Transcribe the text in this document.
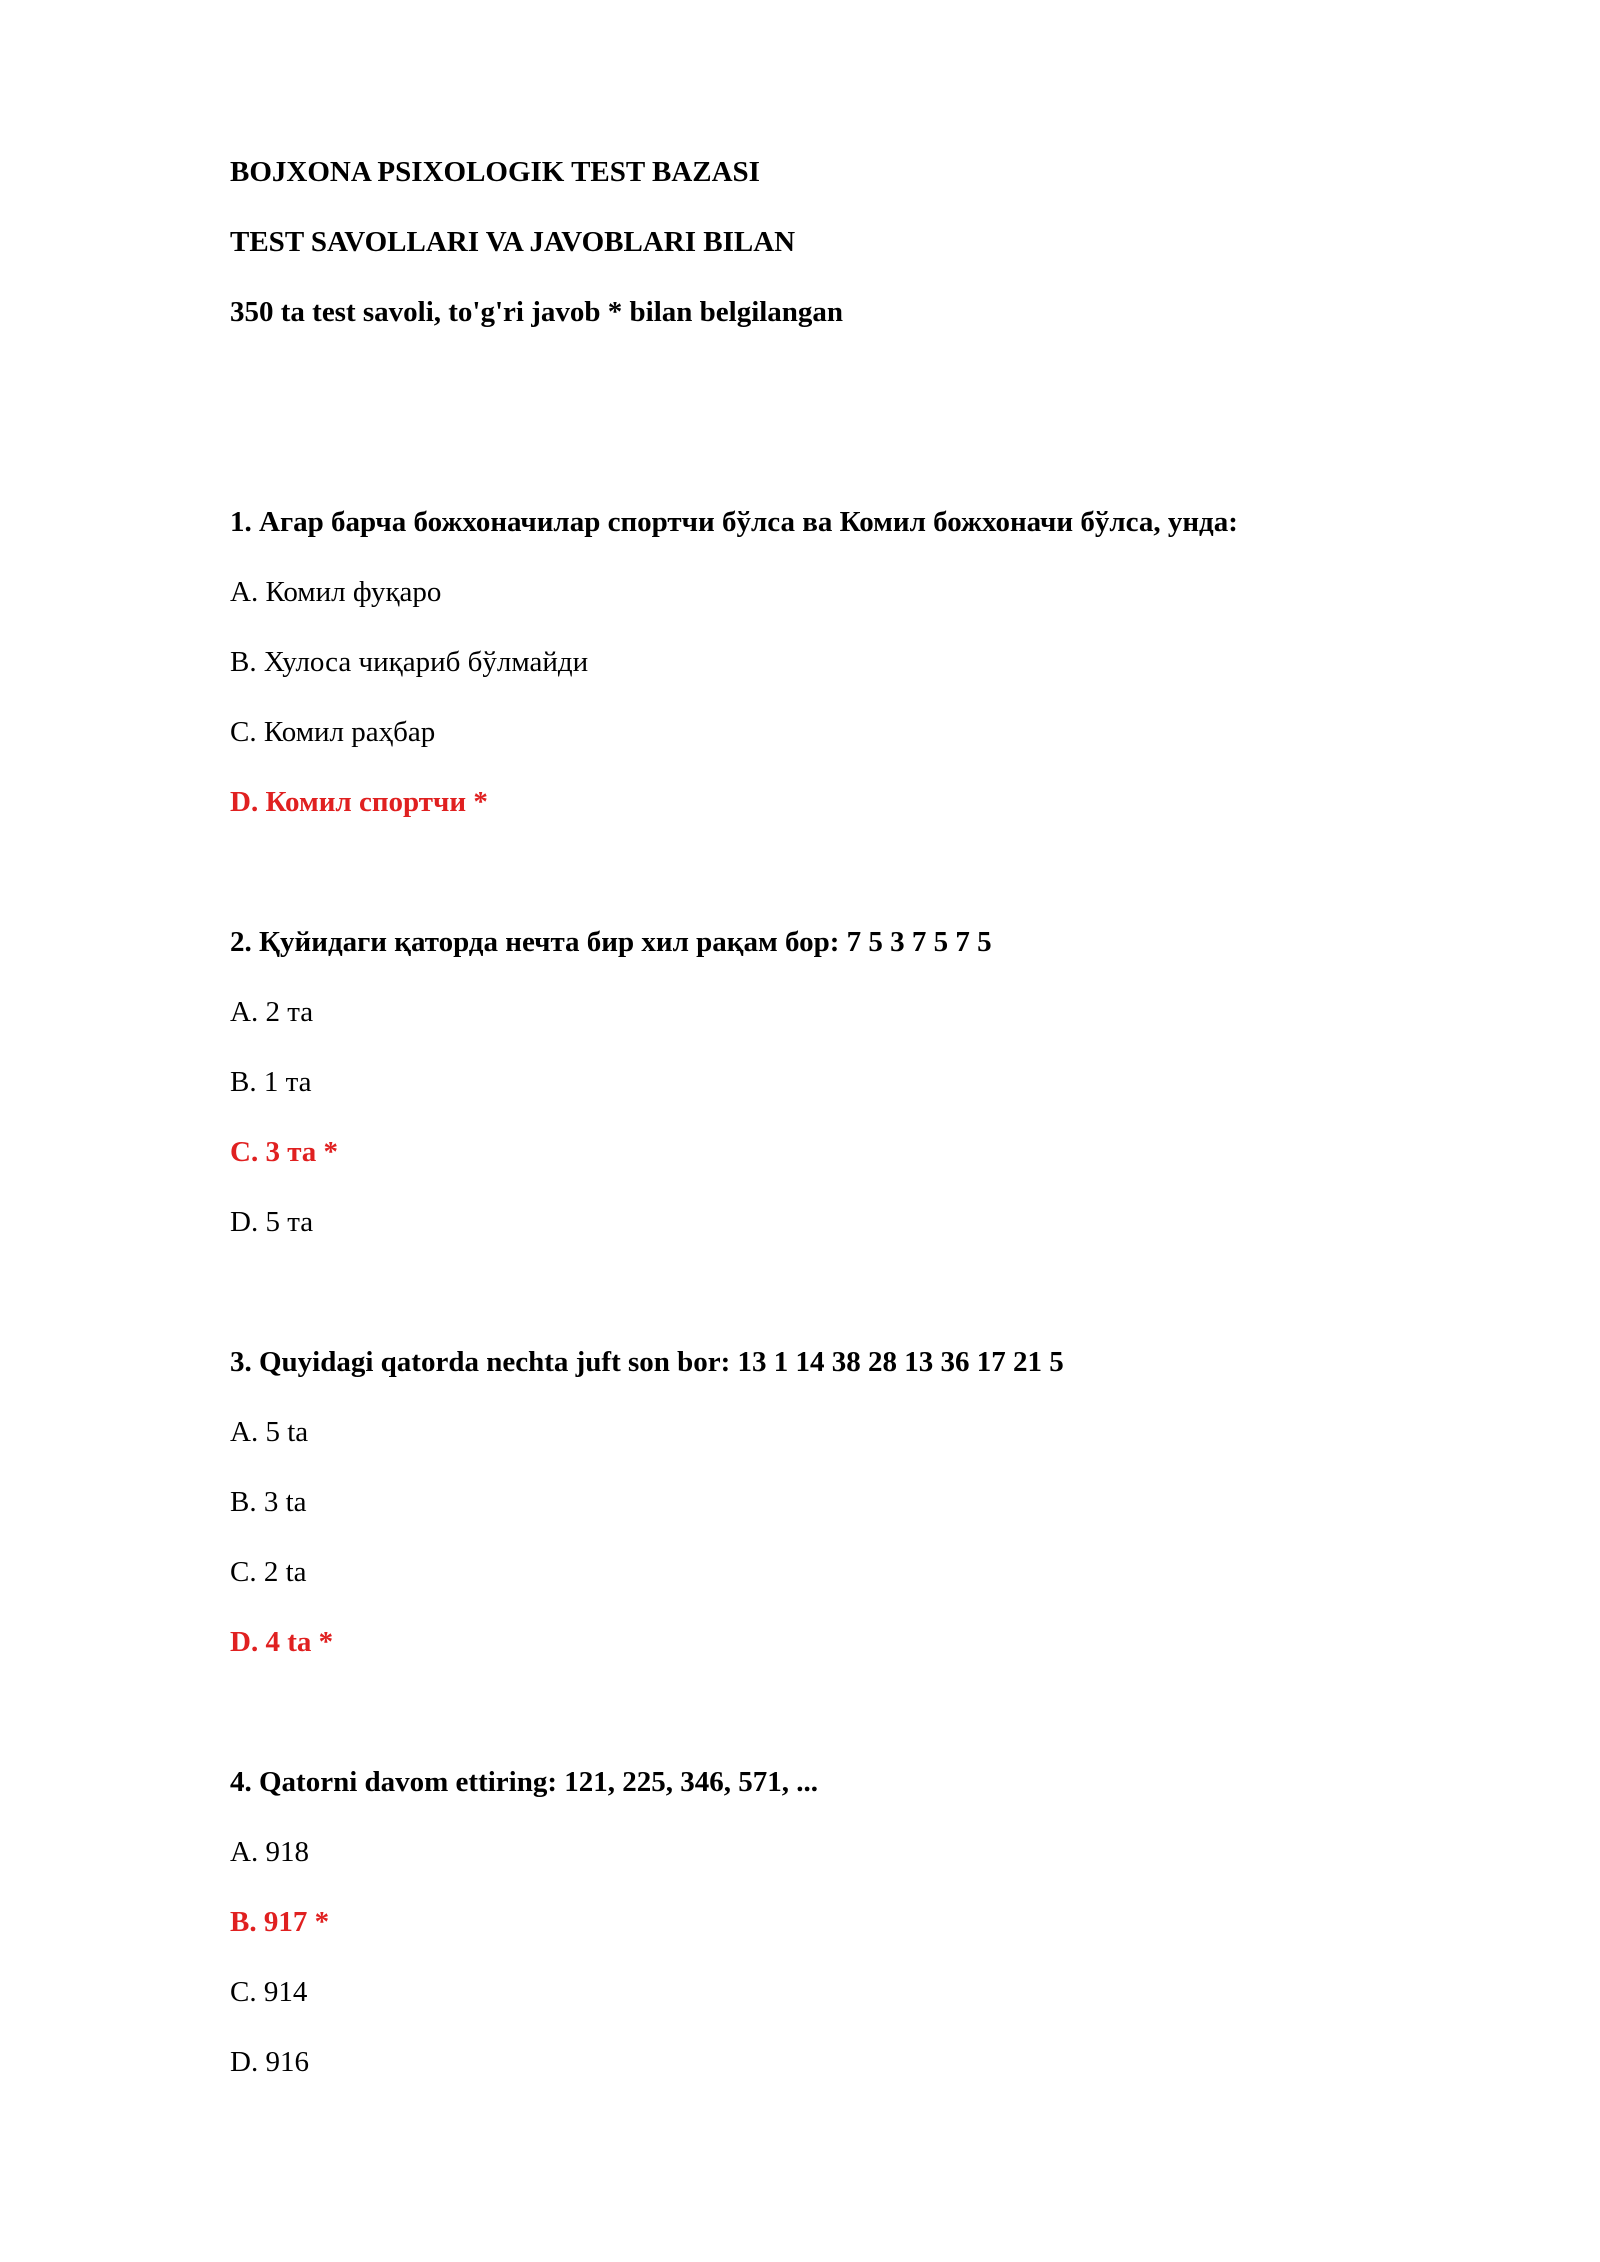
BOJXONA PSIXOLOGIK TEST BAZASI
TEST SAVOLLARI VA JAVOBLARI BILAN
350 ta test savoli, to'g'ri javob * bilan belgilangan
1. Агар барча божхоначилар спортчи бўлса ва Комил божхоначи бўлса, унда:
A. Комил фуқаро
B. Хулоса чиқариб бўлмайди
C. Комил раҳбар
D. Комил спортчи *
2. Қуйидаги қаторда нечта бир хил рақам бор: 7 5 3 7 5 7 5
A. 2 та
B. 1 та
C. 3 та *
D. 5 та
3. Quyidagi qatorda nechta juft son bor: 13 1 14 38 28 13 36 17 21 5
A. 5 ta
B. 3 ta
C. 2 ta
D. 4 ta *
4. Qatorni davom ettiring: 121, 225, 346, 571, ...
A. 918
B. 917 *
C. 914
D. 916
